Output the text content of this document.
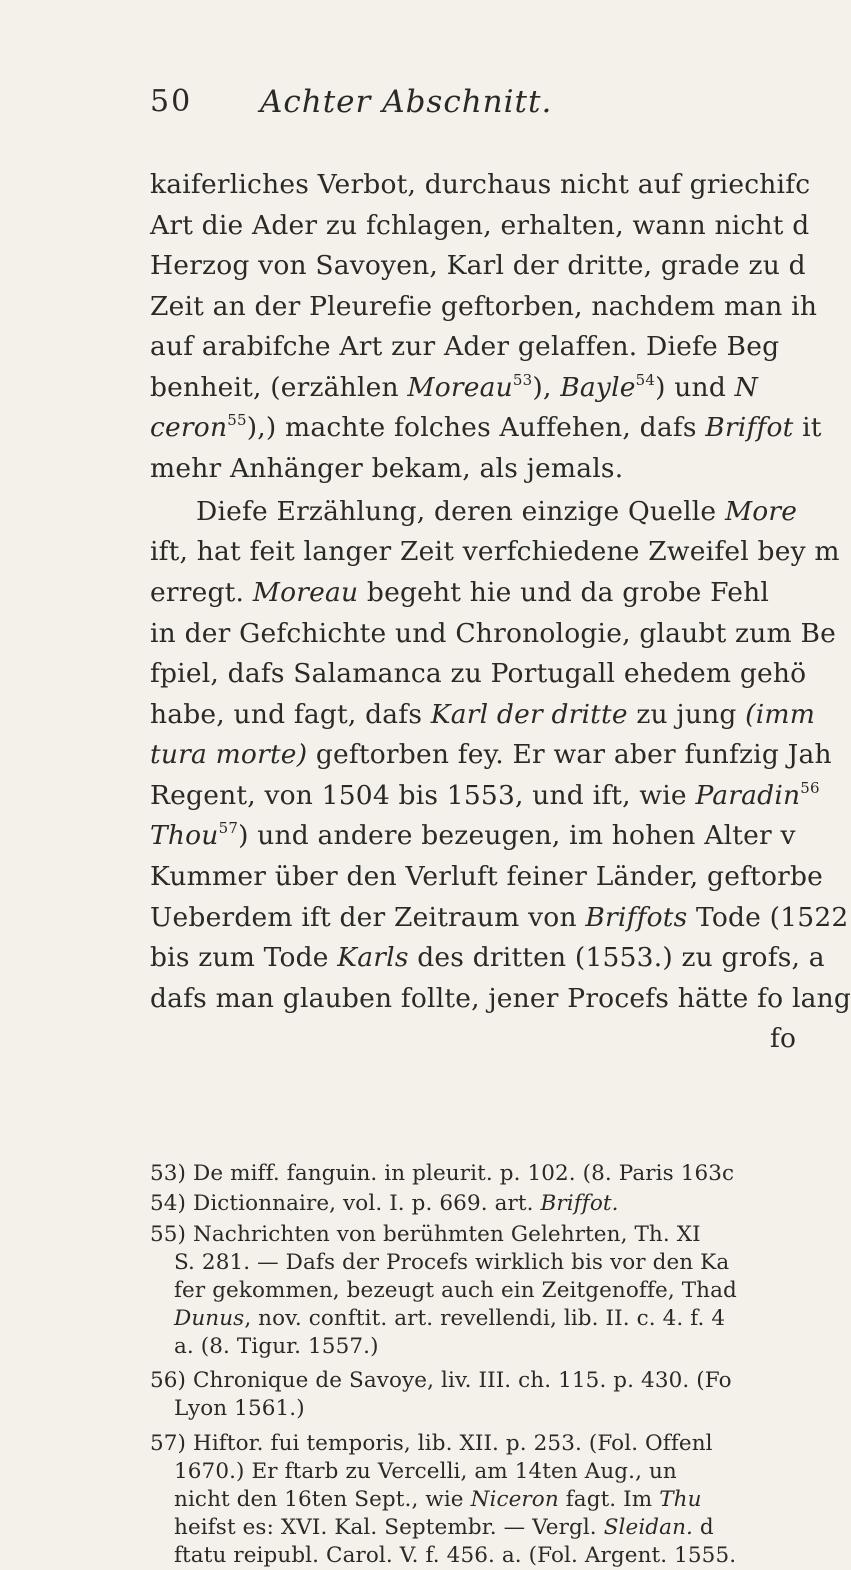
50 Achter Abschnitt.
kaiferliches Verbot, durchaus nicht auf griechifc
Art die Ader zu fchlagen, erhalten, wann nicht d
Herzog von Savoyen, Karl der dritte, grade zu d
Zeit an der Pleurefie geftorben, nachdem man ih
auf arabifche Art zur Ader gelaffen. Diefe Beg
benheit, (erzählen Moreau$^{53}$), Bayle$^{54}$) und N
ceron$^{55}$),) machte folches Auffehen, dafs Briffot it
mehr Anhänger bekam, als jemals.
Diefe Erzählung, deren einzige Quelle More
ift, hat feit langer Zeit verfchiedene Zweifel bey m
erregt. Moreau begeht hie und da grobe Fehl
in der Gefchichte und Chronologie, glaubt zum Be
fpiel, dafs Salamanca zu Portugall ehedem gehö
habe, und fagt, dafs Karl der dritte zu jung (imm
tura morte) geftorben fey. Er war aber funfzig Jah
Regent, von 1504 bis 1553, und ift, wie Paradin$^{56}$
Thou$^{57}$) und andere bezeugen, im hohen Alter v
Kummer über den Verluft feiner Länder, geftorbe
Ueberdem ift der Zeitraum von Briffots Tode (1522
bis zum Tode Karls des dritten (1553.) zu grofs, a
dafs man glauben follte, jener Procefs hätte fo lang
fo
53) De miff. fanguin. in pleurit. p. 102. (8. Paris 163c
54) Dictionnaire, vol. I. p. 669. art. Briffot.
55) Nachrichten von berühmten Gelehrten, Th. XI
S. 281. — Dafs der Procefs wirklich bis vor den Ka
fer gekommen, bezeugt auch ein Zeitgenoffe, Thad
Dunus, nov. conftit. art. revellendi, lib. II. c. 4. f. 4
a. (8. Tigur. 1557.)
56) Chronique de Savoye, liv. III. ch. 115. p. 430. (Fo
Lyon 1561.)
57) Hiftor. fui temporis, lib. XII. p. 253. (Fol. Offenl
1670.) Er ftarb zu Vercelli, am 14ten Aug., un
nicht den 16ten Sept., wie Niceron fagt. Im Thu
heifst es: XVI. Kal. Septembr. — Vergl. Sleidan. d
ftatu reipubl. Carol. V. f. 456. a. (Fol. Argent. 1555.
